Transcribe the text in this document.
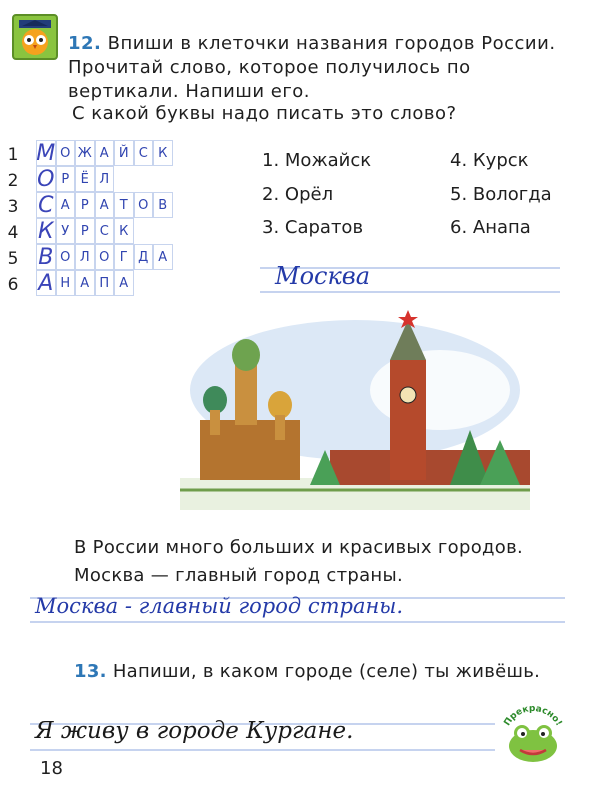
12. Впиши в клеточки названия городов России. Прочитай слово, которое получилось по вертикали. Напиши его.
С какой буквы надо писать это слово?
1
2
3
4
5
6
М О Ж А Й С К
О Р Ё Л
С А Р А Т О В
К У Р С К
В О Л О Г Д А
А Н А П А
1. Можайск
2. Орёл
3. Саратов
4. Курск
5. Вологда
6. Анапа
Москва
В России много больших и красивых городов. Москва — главный город страны.
Москва - главный город страны.
13. Напиши, в каком городе (селе) ты живёшь.
Я живу в городе Кургане.	Прекрасно!
18
